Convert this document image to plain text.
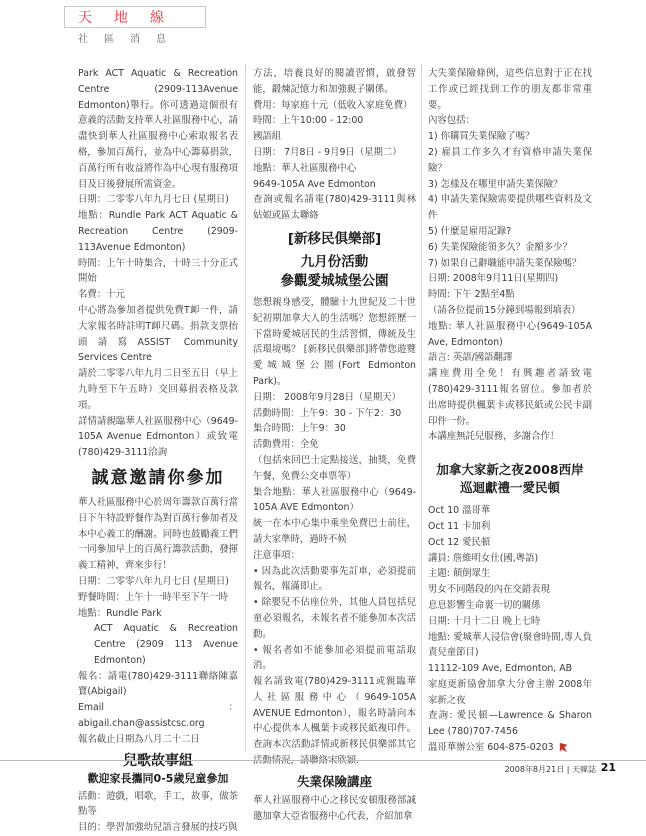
天地線
社區消息

Park ACT Aquatic & Recreation Centre (2909-113Avenue Edmonton)舉行。你可透過這個很有意義的活動支持華人社區服務中心，請盡快到華人社區服務中心索取報名表格，參加百萬行，並為中心籌募捐款，百萬行所有收益將作為中心現有服務項目及日後發展所需資金。

日期：二零零八年九月七日 (星期日)

地點：Rundle Park ACT Aquatic & Recreation Centre (2909-113Avenue Edmonton)

時間：上午十時集合，十時三十分正式開始

名費：十元

中心將為參加者提供免費T卹一件，請大家報名時註明T卹尺碼。捐款支票抬頭請寫ASSIST Community Services Centre

請於二零零八年九月二日至五日（早上九時至下午五時）交回募捐表格及款項。

詳情請親臨華人社區服務中心（9649-105A Avenue Edmonton）或致電(780)429-3111洽詢

誠意邀請你參加

華人社區服務中心於周年籌款百萬行當日下午特設野餐作為對百萬行參加者及本中心義工的酬謝。同時也鼓勵義工們一同參加早上的百萬行籌款活動，發揮義工精神，齊來步行！

日期：二零零八年九月七日 (星期日)

野餐時間：上午十一時半至下午一時

地點：Rundle Park

ACT Aquatic & Recreation Centre (2909 113 Avenue Edmonton)

報名：請電(780)429-3111聯絡陳嘉寶(Abigail)

Email：abigail.chan@assistcsc.org

報名截止日期為八月二十二日

兒歌故事組
歡迎家長攜同0-5歲兒童參加

活動：遊戲，唱歌，手工，故事，做茶點等

目的：學習加強幼兒語言發展的技巧與

方法，培養良好的閱讀習慣，啟發智能，鍛煉記憶力和加強親子關係。

費用：每家庭十元（低收入家庭免費）

時間：上午10:00 - 12:00

國語組

日期： 7月8日 - 9月9日（星期二）

地點：華人社區服務中心

9649-105A Ave Edmonton

查詢或報名請電(780)429-3111與林姑娘或區太聯絡

[新移民俱樂部]
九月份活動
參觀愛城城堡公園

您想親身感受，體驗十九世紀及二十世紀初期加拿大人的生活嗎？您想經歷一下當時愛城居民的生活習慣，傳統及生活環境嗎？ [新移民俱樂部]將帶您遊覽愛城城堡公園(Fort Edmonton Park)。

日期： 2008年9月28日（星期天）

活動時間：上午9：30 - 下午2：30

集合時間：上午9：30

活動費用：全免

（包括來回巴士定點接送，抽獎，免費午餐，免費公交車票等）

集合地點：華人社區服務中心（9649-105A AVE Edmonton）

統一在本中心集中乘坐免費巴士前往，請大家準時，過時不候

注意事項：

• 因為此次活動要事先訂車，必須提前報名，報滿即止。

• 除嬰兒不佔座位外，其他人員包括兒童必須報名，未報名者不能參加本次活動。

• 報名者如不能參加必須提前電話取消。

報名請致電(780)429-3111或親臨華人社區服務中心（9649-105A AVENUE Edmonton），報名時請向本中心提供本人楓葉卡或移民紙複印件。查詢本次活動詳情或新移民俱樂部其它活動情況，請聯絡宋欣穎.

失業保險講座

華人社區服務中心之移民安頓服務部誠邀加拿大亞省服務中心代表，介紹加拿

大失業保險條例，這些信息對于正在找工作或已經找到工作的朋友都非常重要。

內容包括：

1) 你購買失業保險了嗎？

2) 雇員工作多久才有資格申請失業保險？

3) 怎樣及在哪里申請失業保險？

4) 申請失業保險需要提供哪些資料及文件

5) 什麼是雇用記錄?

6) 失業保險能領多久？金額多少？

7) 如果自己辭職能申請失業保險嗎？

日期: 2008年9月11日(星期四)

時間: 下午 2點至4點

（請各位提前15分鐘到場報到填表）

地點: 華人社區服務中心(9649-105A Ave, Edmonton)

語言: 英語/國語翻譯

講座費用全免！有興趣者請致電(780)429-3111報名留位。參加者於出席時提供楓葉卡或移民紙或公民卡副印件一份。

本講座無託兒服務，多謝合作！

加拿大家新之夜2008西岸
巡迴獻禮一愛民頓

Oct 10 溫哥華

Oct 11 卡加利

Oct 12 愛民頓

講員: 詹維明女仕(國,粵語)

主題: 顛倒眾生

男女不同階段的內在交錯表現

息息影響生命裏一切的關係

日期: 十月十二日 晚上七時

地點: 愛城華人浸信會(聚會時間,專人負責兒童節目)

11112-109 Ave, Edmonton, AB

家庭更新協會加拿大分會主辦 2008年家新之夜

查詢: 愛民頓—Lawrence & Sharon Lee (780)707-7456

溫哥華辦公室 604-875-0203

2008年8月21日 | 天韓誌 21
